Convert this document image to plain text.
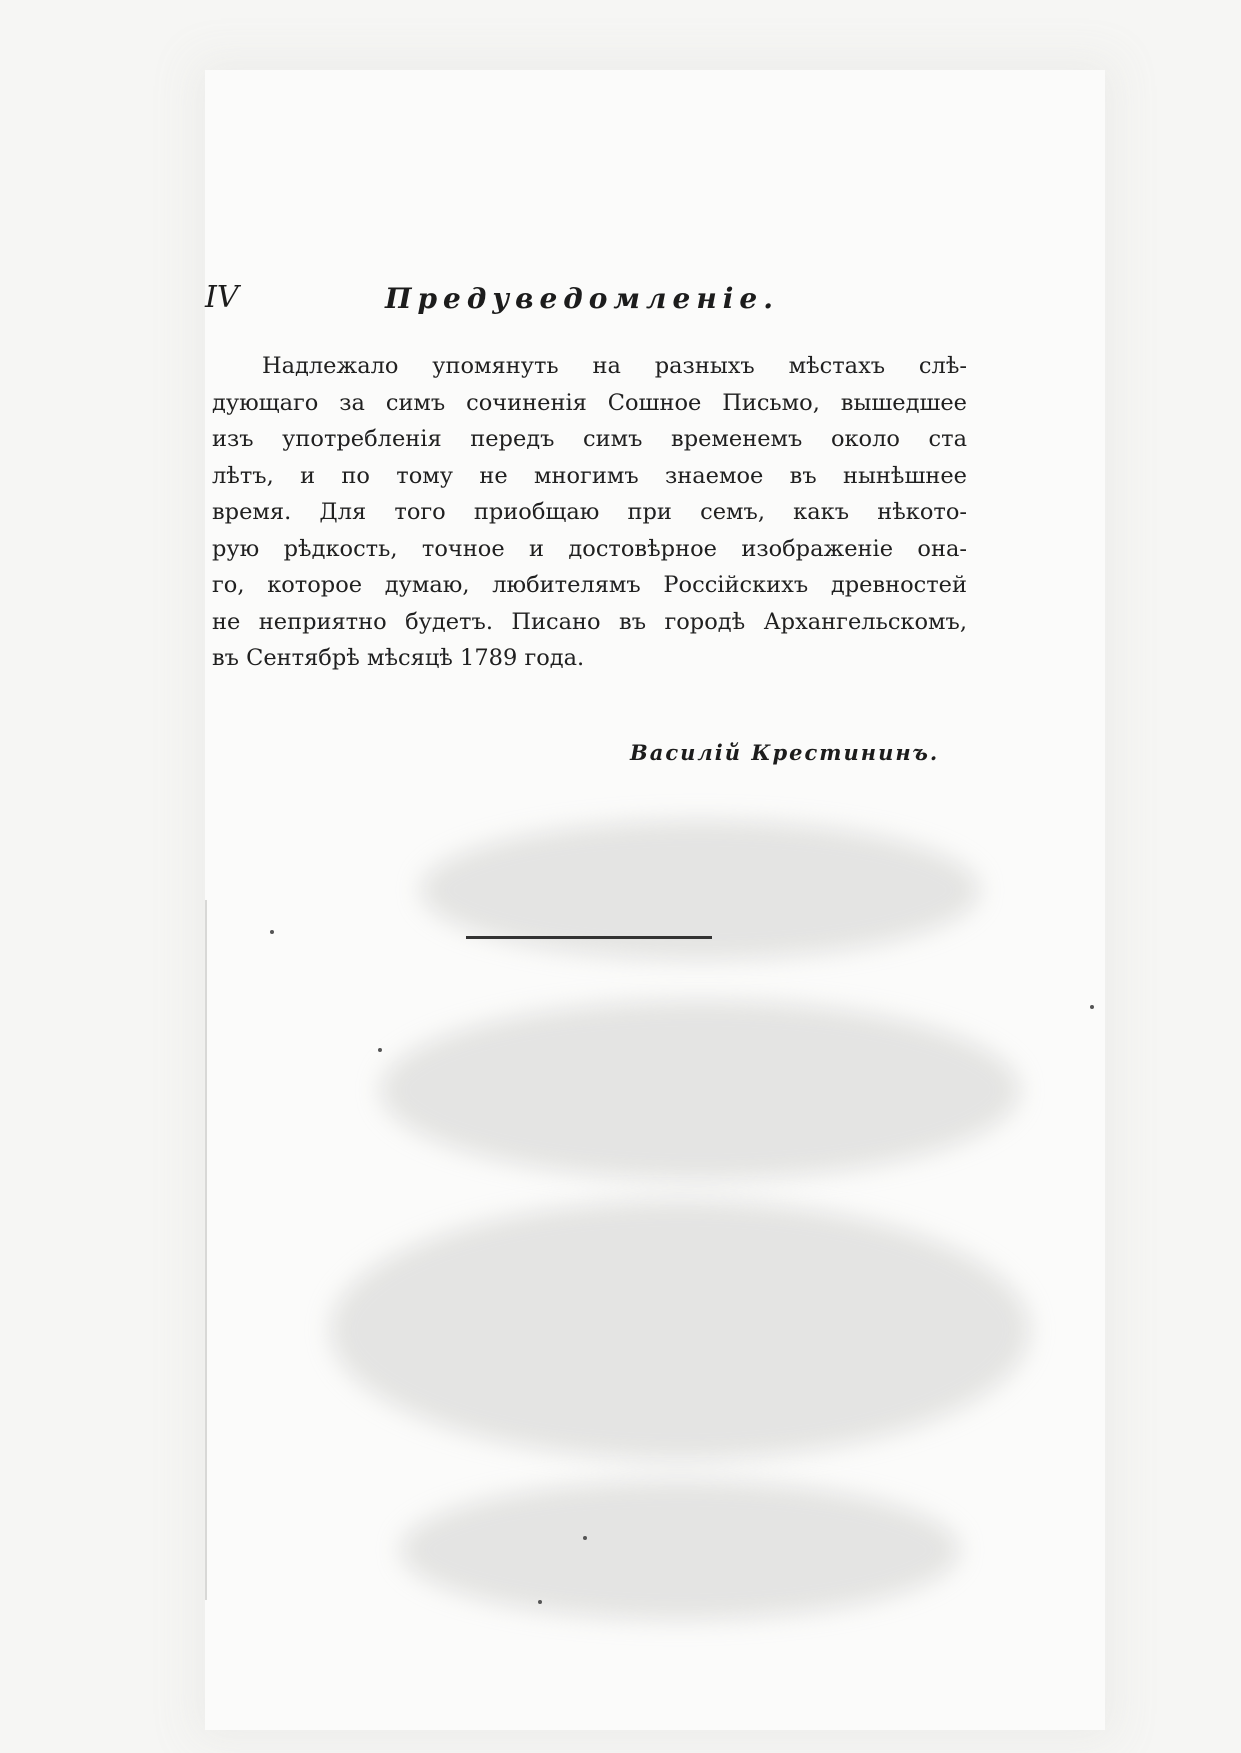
IV	Предуведомленiе.
Надлежало упомянуть на разныхъ мѣстахъ слѣ-
дующаго за симъ сочиненiя Сошное Письмо, вышедшее
изъ употребленiя передъ симъ временемъ около ста
лѣтъ, и по тому не многимъ знаемое въ нынѣшнее
время. Для того приобщаю при семъ, какъ нѣкото-
рую рѣдкость, точное и достовѣрное изображенiе она-
го, которое думаю, любителямъ Россiйскихъ древностей
не неприятно будетъ. Писано въ городѣ Архангельскомъ,
въ Сентябрѣ мѣсяцѣ 1789 года.
Василiй Крестининъ.
